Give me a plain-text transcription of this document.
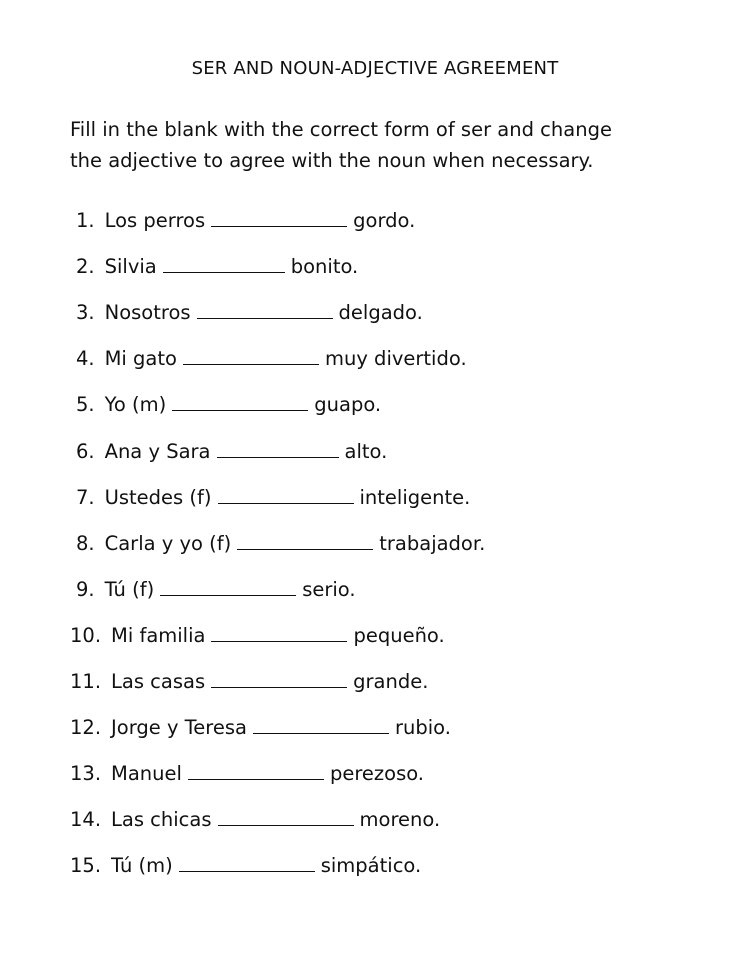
SER AND NOUN-ADJECTIVE AGREEMENT
Fill in the blank with the correct form of ser and change
the adjective to agree with the noun when necessary.
1. Los perros	gordo.
2. Silvia	bonito.
3. Nosotros	delgado.
4. Mi gato	muy divertido.
5. Yo (m)	guapo.
6. Ana y Sara	alto.
7. Ustedes (f)	inteligente.
8. Carla y yo (f)	trabajador.
9. Tú (f)	serio.
10. Mi familia	pequeño.
11. Las casas	grande.
12. Jorge y Teresa	rubio.
13. Manuel	perezoso.
14. Las chicas	moreno.
15. Tú (m)	simpático.
